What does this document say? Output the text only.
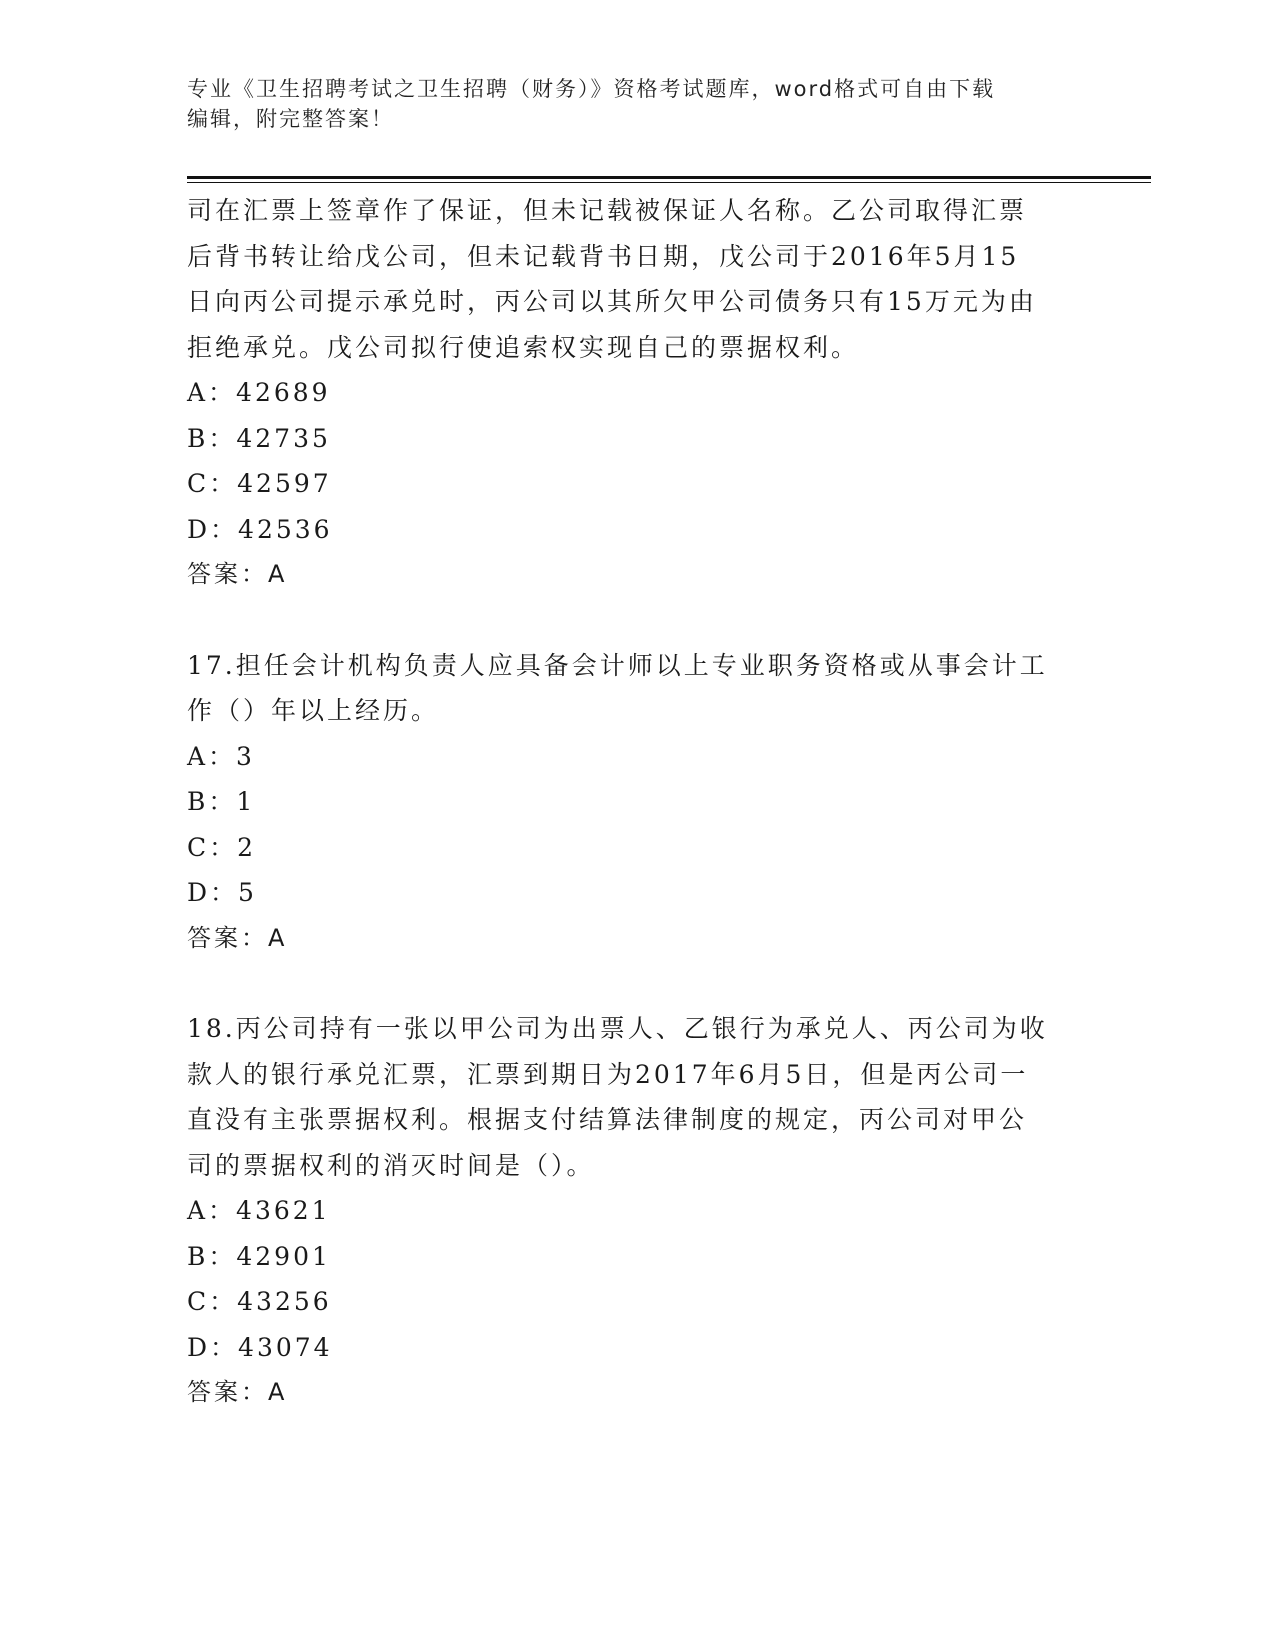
专业《卫生招聘考试之卫生招聘（财务）》资格考试题库，word格式可自由下载
编辑，附完整答案！

司在汇票上签章作了保证，但未记载被保证人名称。乙公司取得汇票

后背书转让给戊公司，但未记载背书日期，戊公司于2016年5月15

日向丙公司提示承兑时，丙公司以其所欠甲公司债务只有15万元为由

拒绝承兑。戊公司拟行使追索权实现自己的票据权利。

A：42689

B：42735

C：42597

D：42536

答案：A

17.担任会计机构负责人应具备会计师以上专业职务资格或从事会计工

作（）年以上经历。

A：3

B：1

C：2

D：5

答案：A

18.丙公司持有一张以甲公司为出票人、乙银行为承兑人、丙公司为收

款人的银行承兑汇票，汇票到期日为2017年6月5日，但是丙公司一

直没有主张票据权利。根据支付结算法律制度的规定，丙公司对甲公

司的票据权利的消灭时间是（）。

A：43621

B：42901

C：43256

D：43074

答案：A
